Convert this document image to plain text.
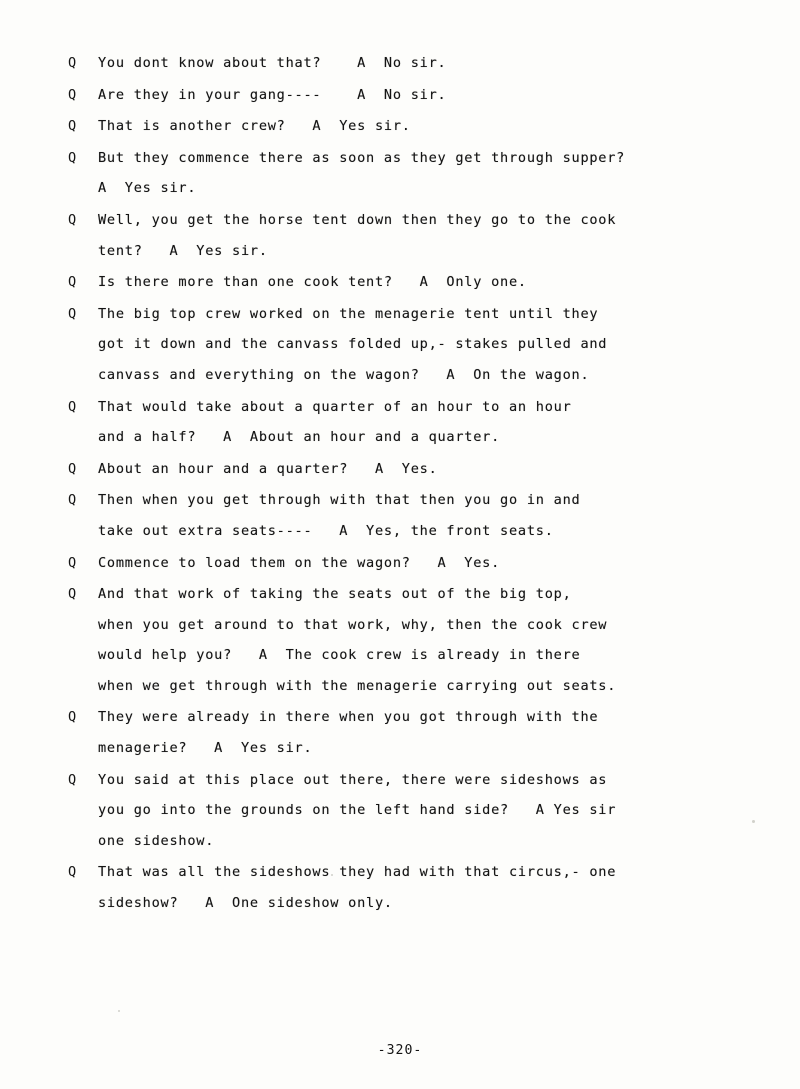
Q	You dont know about that?    A  No sir.
Q	Are they in your gang----    A  No sir.
Q	That is another crew?   A  Yes sir.
Q	But they commence there as soon as they get through supper?
A  Yes sir.
Q	Well, you get the horse tent down then they go to the cook
tent?   A  Yes sir.
Q	Is there more than one cook tent?   A  Only one.
Q	The big top crew worked on the menagerie tent until they
got it down and the canvass folded up,- stakes pulled and
canvass and everything on the wagon?   A  On the wagon.
Q	That would take about a quarter of an hour to an hour
and a half?   A  About an hour and a quarter.
Q	About an hour and a quarter?   A  Yes.
Q	Then when you get through with that then you go in and
take out extra seats----   A  Yes, the front seats.
Q	Commence to load them on the wagon?   A  Yes.
Q	And that work of taking the seats out of the big top,
when you get around to that work, why, then the cook crew
would help you?   A  The cook crew is already in there
when we get through with the menagerie carrying out seats.
Q	They were already in there when you got through with the
menagerie?   A  Yes sir.
Q	You said at this place out there, there were sideshows as
you go into the grounds on the left hand side?   A Yes sir
one sideshow.
Q	That was all the sideshows they had with that circus,- one
sideshow?   A  One sideshow only.
-320-
